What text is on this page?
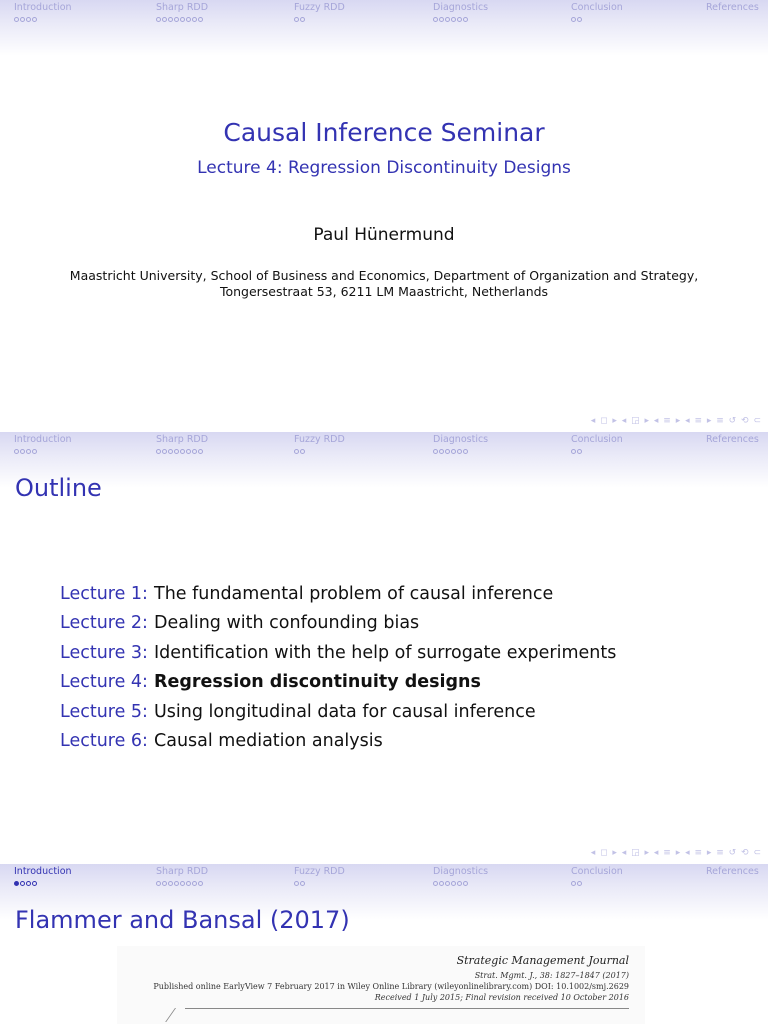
Introduction	Sharp RDD	Fuzzy RDD	Diagnostics	Conclusion	References
Causal Inference Seminar
Lecture 4: Regression Discontinuity Designs
Paul Hünermund
Maastricht University, School of Business and Economics, Department of Organization and Strategy,
Tongersestraat 53, 6211 LM Maastricht, Netherlands
◂ ◻ ▸ ◂ ◲ ▸ ◂ ≡ ▸ ◂ ≡ ▸ ≡ ↺ ⟲ ⊂
Introduction	Sharp RDD	Fuzzy RDD	Diagnostics	Conclusion	References
Outline
Lecture 1: The fundamental problem of causal inference
Lecture 2: Dealing with confounding bias
Lecture 3: Identification with the help of surrogate experiments
Lecture 4: Regression discontinuity designs
Lecture 5: Using longitudinal data for causal inference
Lecture 6: Causal mediation analysis
◂ ◻ ▸ ◂ ◲ ▸ ◂ ≡ ▸ ◂ ≡ ▸ ≡ ↺ ⟲ ⊂
Introduction	Sharp RDD	Fuzzy RDD	Diagnostics	Conclusion	References
Flammer and Bansal (2017)
Strategic Management Journal
Strat. Mgmt. J., 38: 1827–1847 (2017)
Published online EarlyView 7 February 2017 in Wiley Online Library (wileyonlinelibrary.com) DOI: 10.1002/smj.2629
Received 1 July 2015; Final revision received 10 October 2016
